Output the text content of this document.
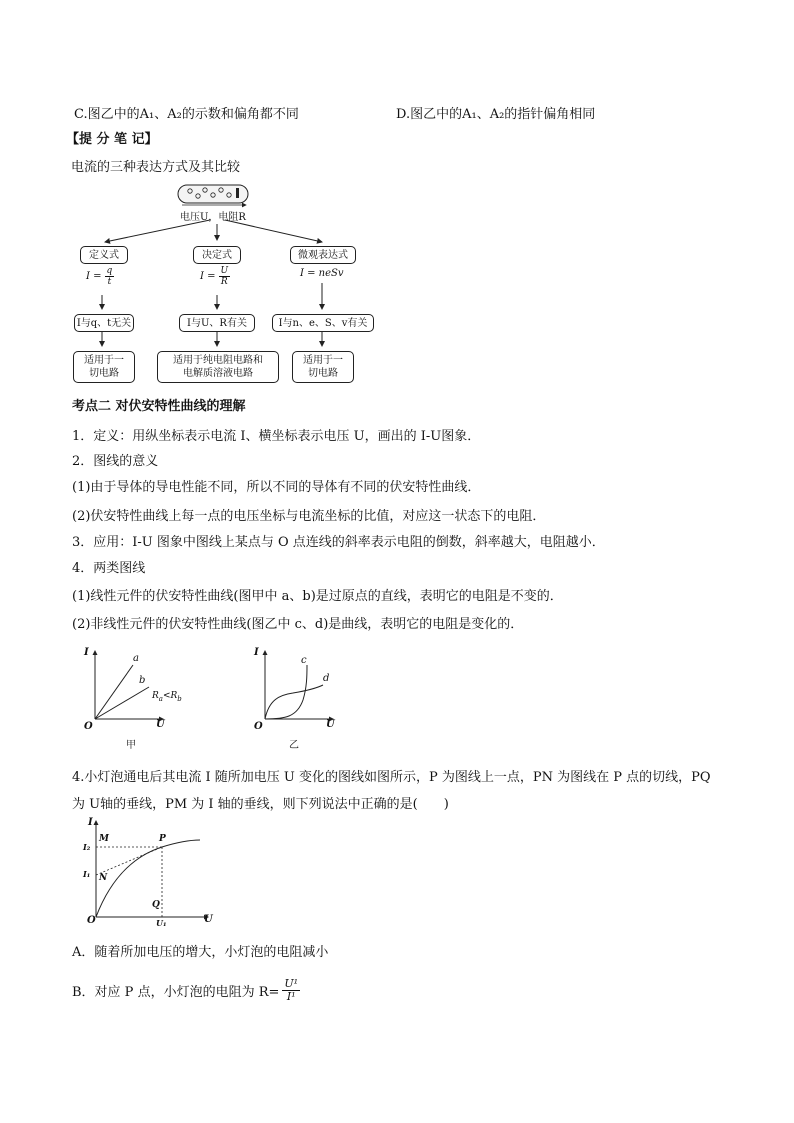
C.图乙中的A₁、A₂的示数和偏角都不同	D.图乙中的A₁、A₂的指针偏角相同
【提 分 笔 记】
电流的三种表达方式及其比较
电压U，电阻R
定义式	决定式	微观表达式
$I = \frac{q}{t}$	$I = \frac{U}{R}$	I = neSv
I与q、t无关	I与U、R有关	I与n、e、S、v有关
适用于一
切电路
适用于纯电阻电路和
电解质溶液电路
适用于一
切电路
考点二 对伏安特性曲线的理解
1．定义：用纵坐标表示电流 I、横坐标表示电压 U，画出的 I-U图象．
2．图线的意义
(1)由于导体的导电性能不同，所以不同的导体有不同的伏安特性曲线．
(2)伏安特性曲线上每一点的电压坐标与电流坐标的比值，对应这一状态下的电阻．
3．应用：I-U 图象中图线上某点与 O 点连线的斜率表示电阻的倒数，斜率越大，电阻越小．
4．两类图线
(1)线性元件的伏安特性曲线(图甲中 a、b)是过原点的直线，表明它的电阻是不变的．
(2)非线性元件的伏安特性曲线(图乙中 c、d)是曲线，表明它的电阻是变化的．
I
U
O
a
b
$R_a<R_b$
甲
I
U
O
c
d
乙
4.小灯泡通电后其电流 I 随所加电压 U 变化的图线如图所示，P 为图线上一点，PN 为图线在 P 点的切线，PQ
为 U轴的垂线，PM 为 I 轴的垂线，则下列说法中正确的是(　　)
I
U
O
M	P
N
Q
I₂
I₁
U₁
A．随着所加电压的增大，小灯泡的电阻减小
B．对应 P 点，小灯泡的电阻为 $R= \frac{\text{U¹}}{\text{I¹}}$
